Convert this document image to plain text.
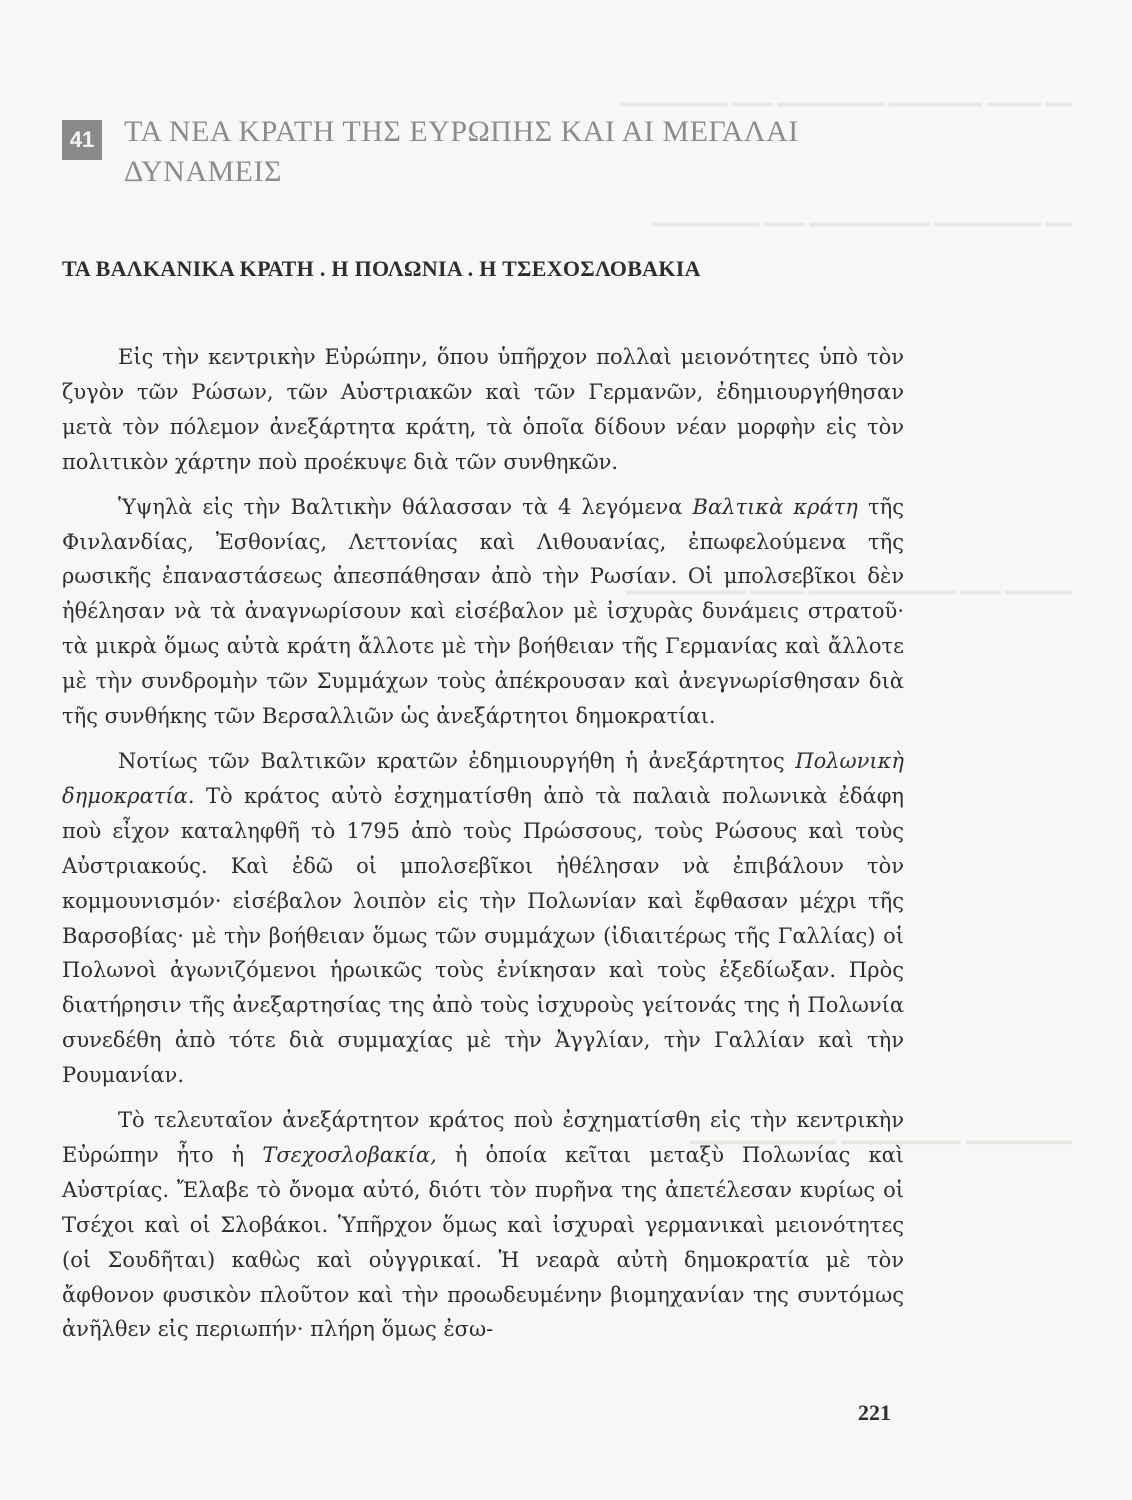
━━ ━━━━ ━━━━━━━ ━━━━━━━━ ━━━ ━━━━━━━━
━━ ━━━━━━━━ ━━━━━━━━━ ━━━ ━━━━━━━━
━━━━━ ━━━ ━━━━━━━━━━━ ━━━━ ━━━━━━━━━
━━━━━━━━ ━━━━━━━━━ ━━━━━━━━━━━
41 ΤΑ ΝΕΑ ΚΡΑΤΗ ΤΗΣ ΕΥΡΩΠΗΣ ΚΑΙ ΑΙ ΜΕΓΑΛΑΙ ΔΥΝΑΜΕΙΣ
ΤΑ ΒΑΛΚΑΝΙΚΑ ΚΡΑΤΗ . Η ΠΟΛΩΝΙΑ . Η ΤΣΕΧΟΣΛΟΒΑΚΙΑ

Εἰς τὴν κεντρικὴν Εὐρώπην, ὅπου ὑπῆρχον πολλαὶ μειονότητες ὑπὸ τὸν ζυγὸν τῶν Ρώσων, τῶν Αὐστριακῶν καὶ τῶν Γερμανῶν, ἐδημιουργήθησαν μετὰ τὸν πόλεμον ἀνεξάρτητα κράτη, τὰ ὁποῖα δίδουν νέαν μορφὴν εἰς τὸν πολιτικὸν χάρτην ποὺ προέκυψε διὰ τῶν συνθηκῶν.

Ὑψηλὰ εἰς τὴν Βαλτικὴν θάλασσαν τὰ 4 λεγόμενα Βαλτικὰ κράτη τῆς Φινλανδίας, Ἐσθονίας, Λεττονίας καὶ Λιθουανίας, ἐπωφελούμενα τῆς ρωσικῆς ἐπαναστάσεως ἀπεσπάθησαν ἀπὸ τὴν Ρωσίαν. Οἱ μπολσεβῖκοι δὲν ἠθέλησαν νὰ τὰ ἀναγνωρίσουν καὶ εἰσέβαλον μὲ ἰσχυρὰς δυνάμεις στρατοῦ· τὰ μικρὰ ὅμως αὐτὰ κράτη ἄλλοτε μὲ τὴν βοήθειαν τῆς Γερμανίας καὶ ἄλλοτε μὲ τὴν συνδρομὴν τῶν Συμμάχων τοὺς ἀπέκρουσαν καὶ ἀνεγνωρίσθησαν διὰ τῆς συνθήκης τῶν Βερσαλλιῶν ὡς ἀνεξάρτητοι δημοκρατίαι.

Νοτίως τῶν Βαλτικῶν κρατῶν ἐδημιουργήθη ἡ ἀνεξάρτητος Πολωνικὴ δημοκρατία. Τὸ κράτος αὐτὸ ἐσχηματίσθη ἀπὸ τὰ παλαιὰ πολωνικὰ ἐδάφη ποὺ εἶχον καταληφθῆ τὸ 1795 ἀπὸ τοὺς Πρώσσους, τοὺς Ρώσους καὶ τοὺς Αὐστριακούς. Καὶ ἐδῶ οἱ μπολσεβῖκοι ἠθέλησαν νὰ ἐπιβάλουν τὸν κομμουνισμόν· εἰσέβαλον λοιπὸν εἰς τὴν Πολωνίαν καὶ ἔφθασαν μέχρι τῆς Βαρσοβίας· μὲ τὴν βοήθειαν ὅμως τῶν συμμάχων (ἰδιαιτέρως τῆς Γαλλίας) οἱ Πολωνοὶ ἀγωνιζόμενοι ἡρωικῶς τοὺς ἐνίκησαν καὶ τοὺς ἐξεδίωξαν. Πρὸς διατήρησιν τῆς ἀνεξαρτησίας της ἀπὸ τοὺς ἰσχυροὺς γείτονάς της ἡ Πολωνία συνεδέθη ἀπὸ τότε διὰ συμμαχίας μὲ τὴν Ἀγγλίαν, τὴν Γαλλίαν καὶ τὴν Ρουμανίαν.

Τὸ τελευταῖον ἀνεξάρτητον κράτος ποὺ ἐσχηματίσθη εἰς τὴν κεντρικὴν Εὐρώπην ἦτο ἡ Τσεχοσλοβακία, ἡ ὁποία κεῖται μεταξὺ Πολωνίας καὶ Αὐστρίας. Ἔλαβε τὸ ὄνομα αὐτό, διότι τὸν πυρῆνα της ἀπετέλεσαν κυρίως οἱ Τσέχοι καὶ οἱ Σλοβάκοι. Ὑπῆρχον ὅμως καὶ ἰσχυραὶ γερμανικαὶ μειονότητες (οἱ Σουδῆται) καθὼς καὶ οὐγγρικαί. Ἡ νεαρὰ αὐτὴ δημοκρατία μὲ τὸν ἄφθονον φυσικὸν πλοῦτον καὶ τὴν προωδευμένην βιομηχανίαν της συντόμως ἀνῆλθεν εἰς περιωπήν· πλήρη ὅμως ἐσω-

221
